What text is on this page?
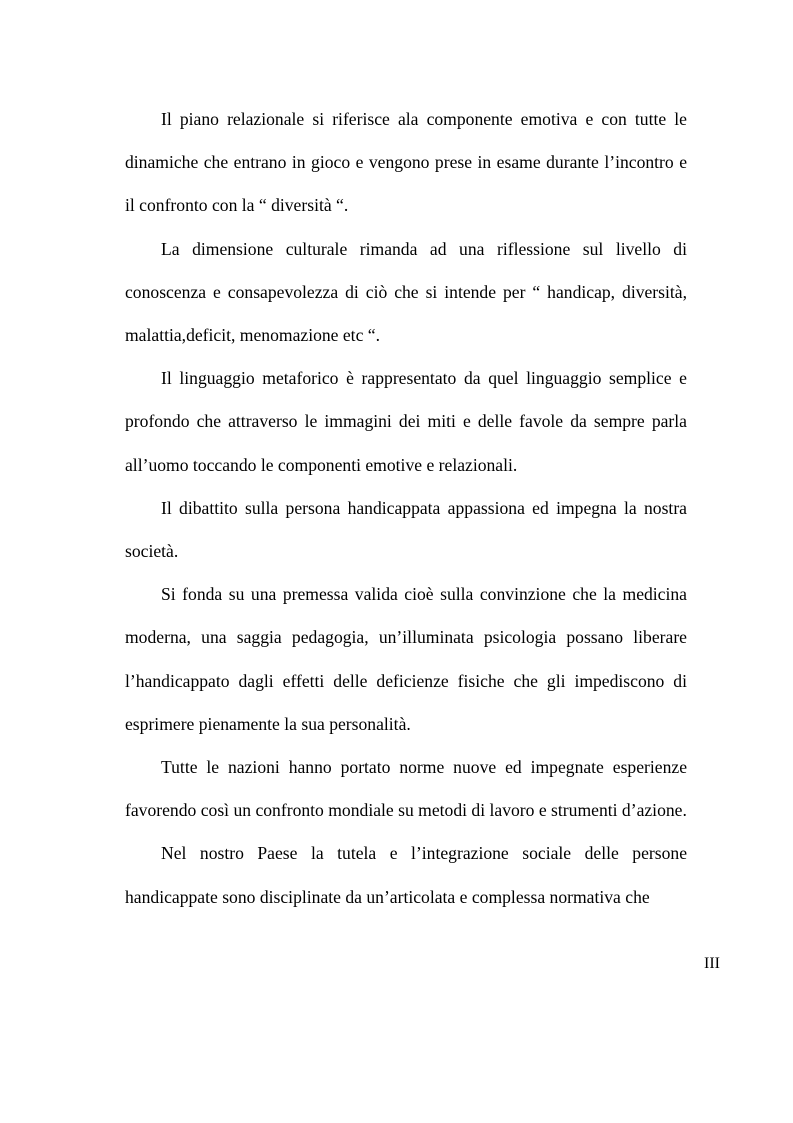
Il piano relazionale si riferisce ala componente emotiva e con tutte le dinamiche che entrano in gioco e vengono prese in esame durante l’incontro e il confronto con la “ diversità “.

La dimensione culturale rimanda ad una riflessione sul livello di conoscenza e consapevolezza di ciò che si intende per “ handicap, diversità, malattia,deficit, menomazione etc “.

Il linguaggio metaforico è rappresentato da quel linguaggio semplice e profondo che attraverso le immagini dei miti e delle favole da sempre parla all’uomo toccando le componenti emotive e relazionali.

Il dibattito sulla persona handicappata appassiona ed impegna la nostra società.

Si fonda su una premessa valida cioè sulla convinzione che la medicina moderna, una saggia pedagogia, un’illuminata psicologia possano liberare l’handicappato dagli effetti delle deficienze fisiche che gli impediscono di esprimere pienamente la sua personalità.

Tutte le nazioni hanno portato norme nuove ed impegnate esperienze favorendo così un confronto mondiale su metodi di lavoro e strumenti d’azione.

Nel nostro Paese la tutela e l’integrazione sociale delle persone handicappate sono disciplinate da un’articolata e complessa normativa che

III
